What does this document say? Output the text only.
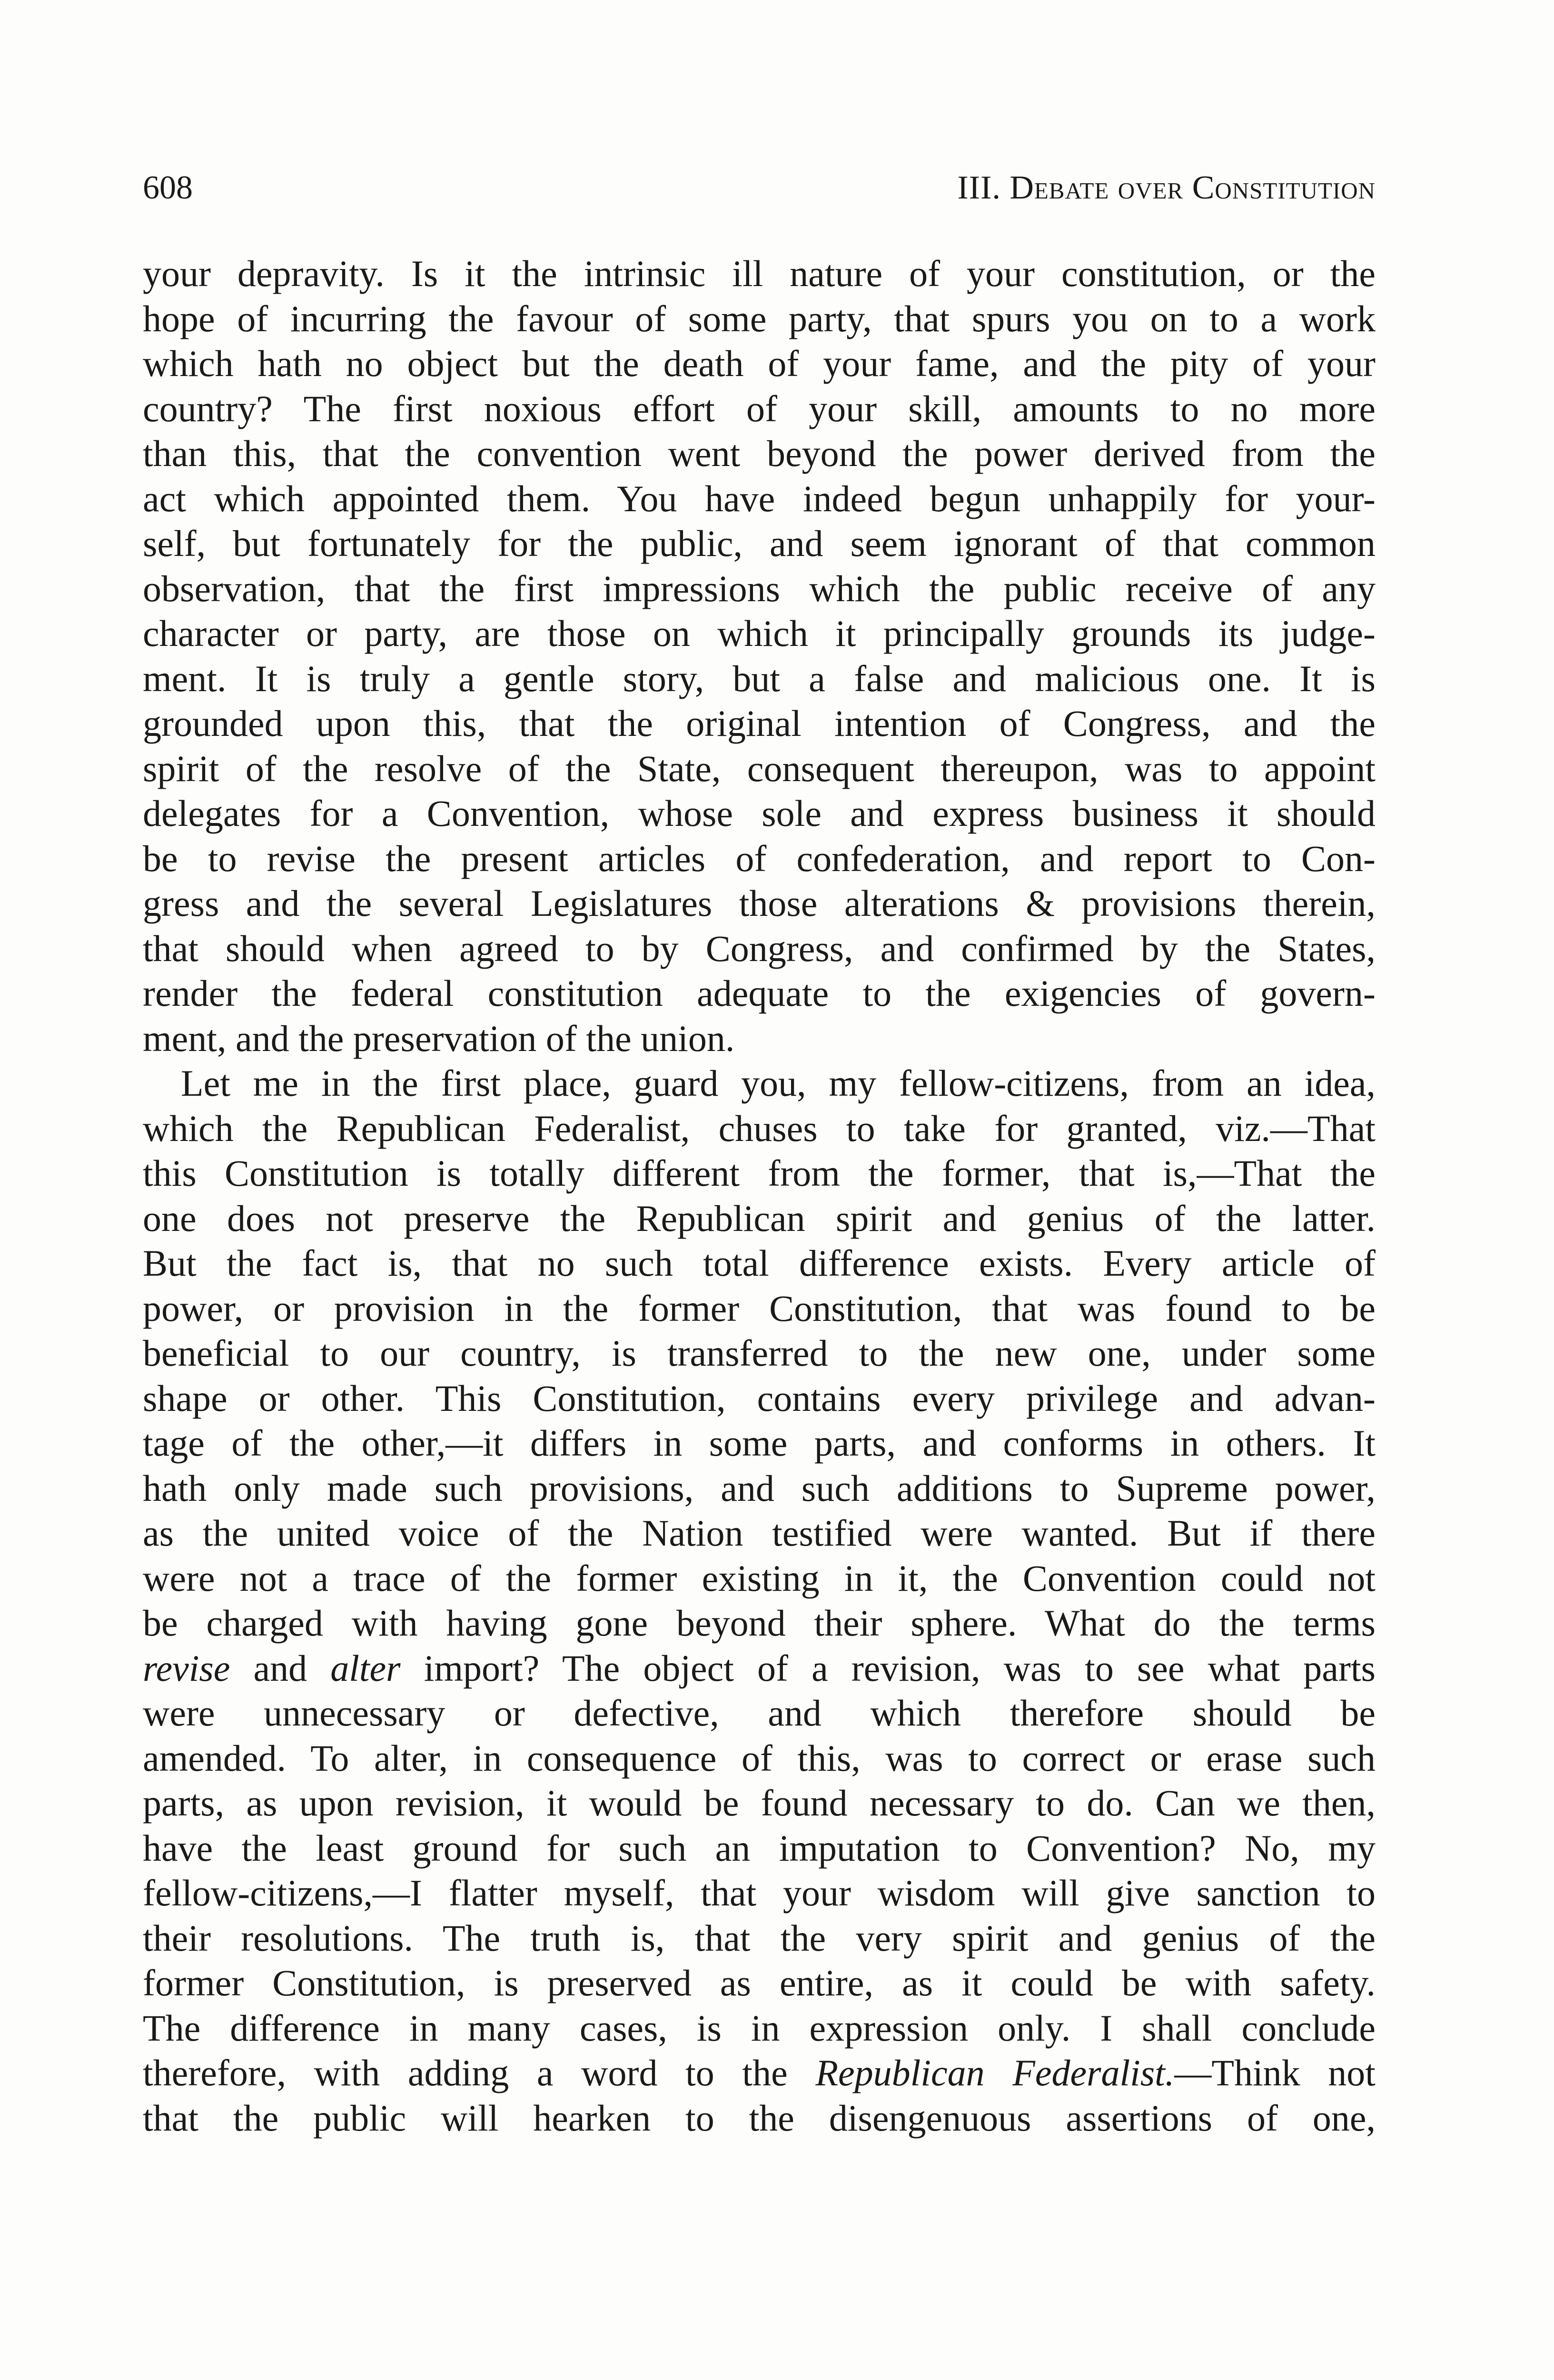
608	III. Debate over Constitution
your depravity. Is it the intrinsic ill nature of your constitution, or the
hope of incurring the favour of some party, that spurs you on to a work
which hath no object but the death of your fame, and the pity of your
country? The first noxious effort of your skill, amounts to no more
than this, that the convention went beyond the power derived from the
act which appointed them. You have indeed begun unhappily for your-
self, but fortunately for the public, and seem ignorant of that common
observation, that the first impressions which the public receive of any
character or party, are those on which it principally grounds its judge-
ment. It is truly a gentle story, but a false and malicious one. It is
grounded upon this, that the original intention of Congress, and the
spirit of the resolve of the State, consequent thereupon, was to appoint
delegates for a Convention, whose sole and express business it should
be to revise the present articles of confederation, and report to Con-
gress and the several Legislatures those alterations & provisions therein,
that should when agreed to by Congress, and confirmed by the States,
render the federal constitution adequate to the exigencies of govern-
ment, and the preservation of the union.
Let me in the first place, guard you, my fellow-citizens, from an idea,
which the Republican Federalist, chuses to take for granted, viz.—That
this Constitution is totally different from the former, that is,—That the
one does not preserve the Republican spirit and genius of the latter.
But the fact is, that no such total difference exists. Every article of
power, or provision in the former Constitution, that was found to be
beneficial to our country, is transferred to the new one, under some
shape or other. This Constitution, contains every privilege and advan-
tage of the other,—it differs in some parts, and conforms in others. It
hath only made such provisions, and such additions to Supreme power,
as the united voice of the Nation testified were wanted. But if there
were not a trace of the former existing in it, the Convention could not
be charged with having gone beyond their sphere. What do the terms
revise and alter import? The object of a revision, was to see what parts
were unnecessary or defective, and which therefore should be
amended. To alter, in consequence of this, was to correct or erase such
parts, as upon revision, it would be found necessary to do. Can we then,
have the least ground for such an imputation to Convention? No, my
fellow-citizens,—I flatter myself, that your wisdom will give sanction to
their resolutions. The truth is, that the very spirit and genius of the
former Constitution, is preserved as entire, as it could be with safety.
The difference in many cases, is in expression only. I shall conclude
therefore, with adding a word to the Republican Federalist.—Think not
that the public will hearken to the disengenuous assertions of one,
